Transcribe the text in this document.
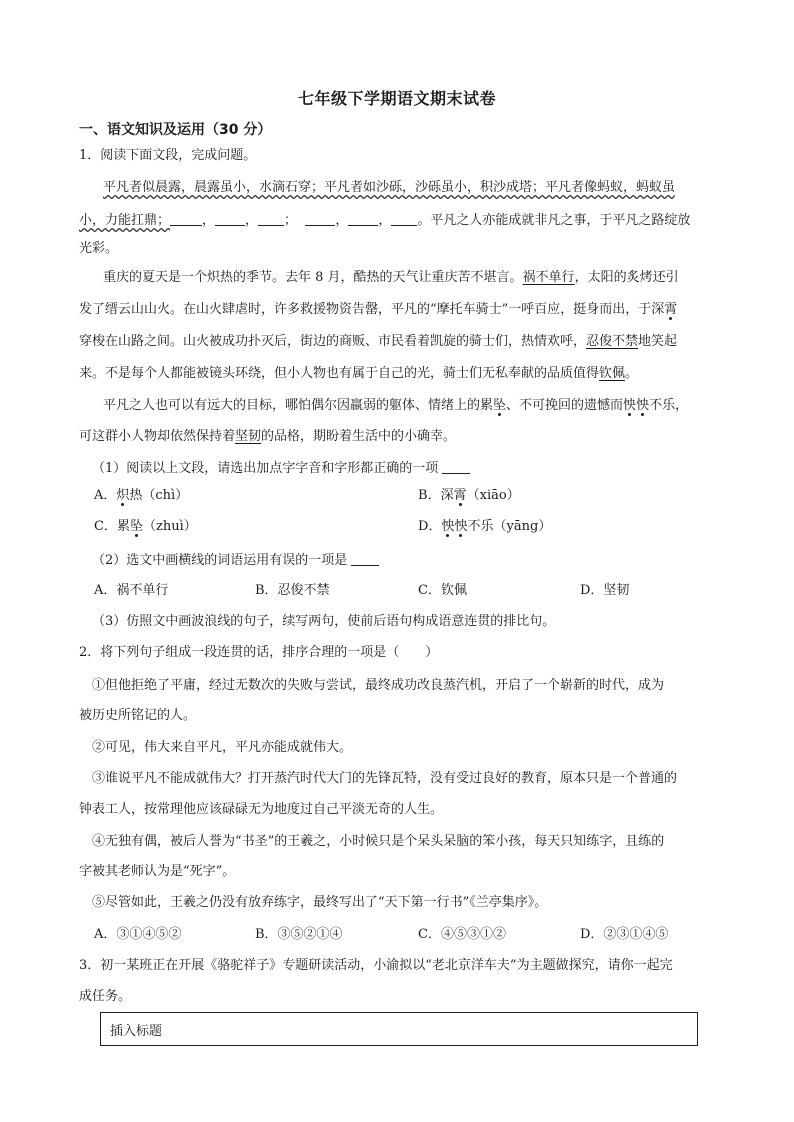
七年级下学期语文期末试卷
一、语文知识及运用（30 分）
1．阅读下面文段，完成问题。
平凡者似晨露，晨露虽小，水滴石穿；平凡者如沙砾，沙砾虽小，积沙成塔；平凡者像蚂蚁，蚂蚁虽
小，力能扛鼎； ， ， ；	， ， 。平凡之人亦能成就非凡之事，于平凡之路绽放
光彩。
重庆的夏天是一个炽热的季节。去年 8 月，酷热的天气让重庆苦不堪言。祸不单行，太阳的炙烤还引
发了缙云山山火。在山火肆虐时，许多救援物资告罄，平凡的“摩托车骑士”一呼百应，挺身而出，于深霄
穿梭在山路之间。山火被成功扑灭后，街边的商贩、市民看着凯旋的骑士们，热情欢呼，忍俊不禁地笑起
来。不是每个人都能被镜头环绕，但小人物也有属于自己的光，骑士们无私奉献的品质值得钦佩。
平凡之人也可以有远大的目标，哪怕偶尔因羸弱的躯体、情绪上的累坠、不可挽回的遗憾而怏怏不乐，
可这群小人物却依然保持着坚韧的品格，期盼着生活中的小确幸。
（1）阅读以上文段，请选出加点字字音和字形都正确的一项
A．炽热（chì）	B．深霄（xiāo）
C．累坠（zhuì）	D．怏怏不乐（yāng）
（2）选文中画横线的词语运用有误的一项是
A．祸不单行	B．忍俊不禁	C．钦佩	D．坚韧
（3）仿照文中画波浪线的句子，续写两句，使前后语句构成语意连贯的排比句。
2．将下列句子组成一段连贯的话，排序合理的一项是（　　）
①但他拒绝了平庸，经过无数次的失败与尝试，最终成功改良蒸汽机，开启了一个崭新的时代，成为
被历史所铭记的人。
②可见，伟大来自平凡，平凡亦能成就伟大。
③谁说平凡不能成就伟大？打开蒸汽时代大门的先锋瓦特，没有受过良好的教育，原本只是一个普通的
钟表工人，按常理他应该碌碌无为地度过自己平淡无奇的人生。
④无独有偶，被后人誉为“书圣”的王羲之，小时候只是个呆头呆脑的笨小孩，每天只知练字，且练的
字被其老师认为是“死字”。
⑤尽管如此，王羲之仍没有放弃练字，最终写出了“天下第一行书”《兰亭集序》。
A．③①④⑤②	B．③⑤②①④	C．④⑤③①②	D．②③①④⑤
3．初一某班正在开展《骆驼祥子》专题研读活动，小渝拟以“老北京洋车夫”为主题做探究，请你一起完
成任务。
插入标题
